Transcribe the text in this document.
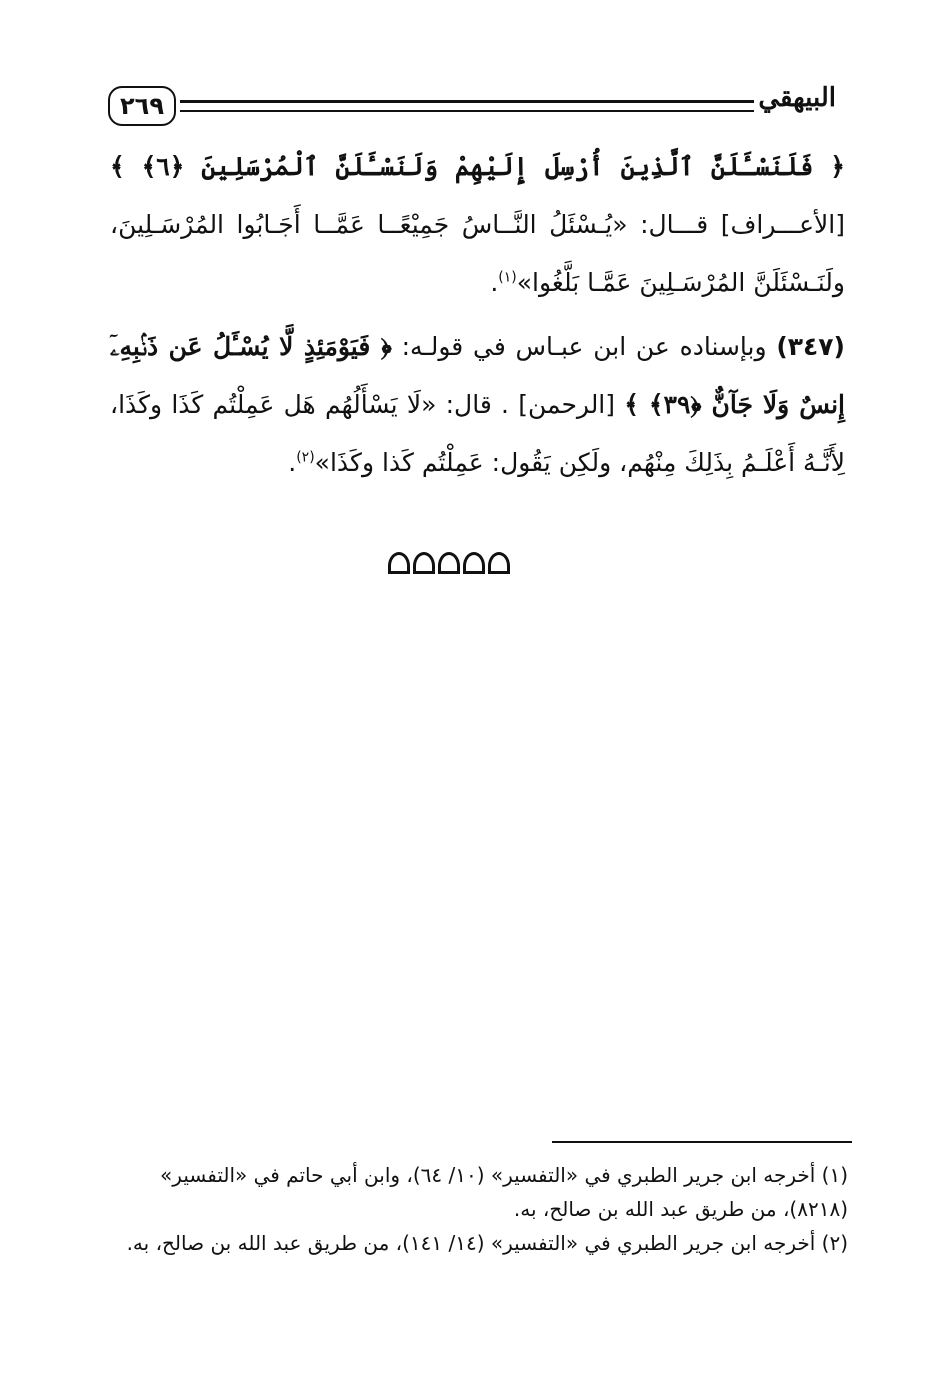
٢٦٩	البيهقي
﴿ فَلَنَسْـَٔلَنَّ ٱلَّذِينَ أُرْسِلَ إِلَيْهِمْ وَلَنَسْـَٔلَنَّ ٱلْمُرْسَلِينَ ﴿٦﴾ ﴾ [الأعـــراف] قـــال: «يُـسْئَلُ النَّــاسُ جَمِيْعًــا عَمَّــا أَجَـابُوا المُرْسَـلِينَ، ولَنَـسْئَلَنَّ المُرْسَـلِينَ عَمَّـا بَلَّغُوا»$^{(١)}$.
(٣٤٧) وبإسناده عن ابن عبـاس في قولـه: ﴿ فَيَوْمَئِذٍ لَّا يُسْـَٔلُ عَن ذَنۢبِهِۦٓ إِنسٌ وَلَا جَآنٌّ ﴿٣٩﴾ ﴾ [الرحمن] . قال: «لَا يَسْأَلُهُم هَل عَمِلْتُم كَذَا وكَذَا، لِأَنَّـهُ أَعْلَـمُ بِذَلِكَ مِنْهُم، ولَكِن يَقُول: عَمِلْتُم كَذا وكَذَا»$^{(٢)}$.

(١) أخرجه ابن جرير الطبري في «التفسير» (١٠/ ٦٤)، وابن أبي حاتم في «التفسير» (٨٢١٨)، من طريق عبد الله بن صالح، به.

(٢) أخرجه ابن جرير الطبري في «التفسير» (١٤/ ١٤١)، من طريق عبد الله بن صالح، به.
